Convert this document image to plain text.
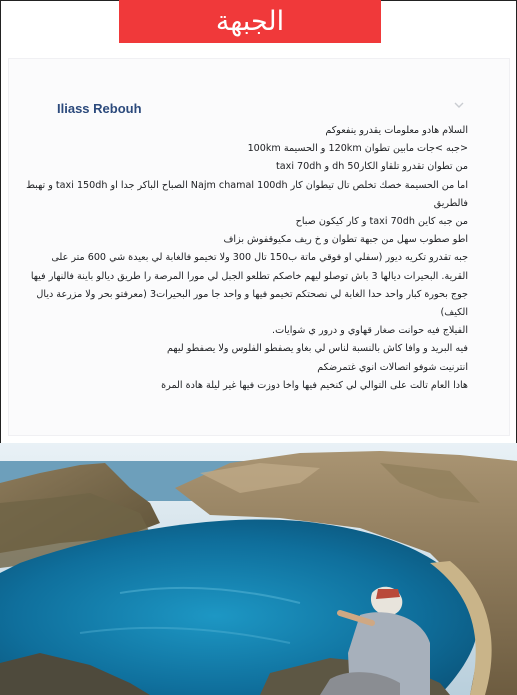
الجبهة
Iliass Rebouh

السلام هادو معلومات يقدرو ينفعوكم

<جبه >جات مابين تطوان 120km و الحسيمة 100km

من تطوان تقدرو تلقاو الكار50 dh و taxi 70dh

اما من الحسيمة خصك تخلص تال تيطوان كار Najm chamal 100dh الصباح الباكر جدا او taxi 150dh و تهبط فالطريق

من جبه كاين taxi 70dh و كار كيكون صباح

اطو صطوب سهل من جبهة تطوان و خ ريف مكيوقفوش بزاف

جبه تقدرو تكريه ديور (سفلي او فوقي ماتة ب150 تال 300 ولا تخيمو فالغابة لي بعيدة شي 600 متر على القرية. البحيرات ديالها 3 باش توصلو ليهم خاصكم تطلعو الجبل لي مورا المرصة را طريق ديالو باينة فالنهار فيها جوج بحورة كبار واحد حدا الغابة لي نصحتكم تخيمو فيها و واحد جا مور البحيرات3 (معرفتو بحر ولا مزرعة ديال الكيف)

الفيلاج فيه حوانت صغار قهاوي و درور ي شوايات.

فيه البريد و وافا كاش بالنسبة لناس لي بغاو يصفطو الفلوس ولا يصفطو ليهم

انترنيت شوفو اتصالات انوي غتمرضكم

هادا العام تالت على التوالي لي كنخيم فيها واخا دوزت فيها غير ليلة هادة المرة
